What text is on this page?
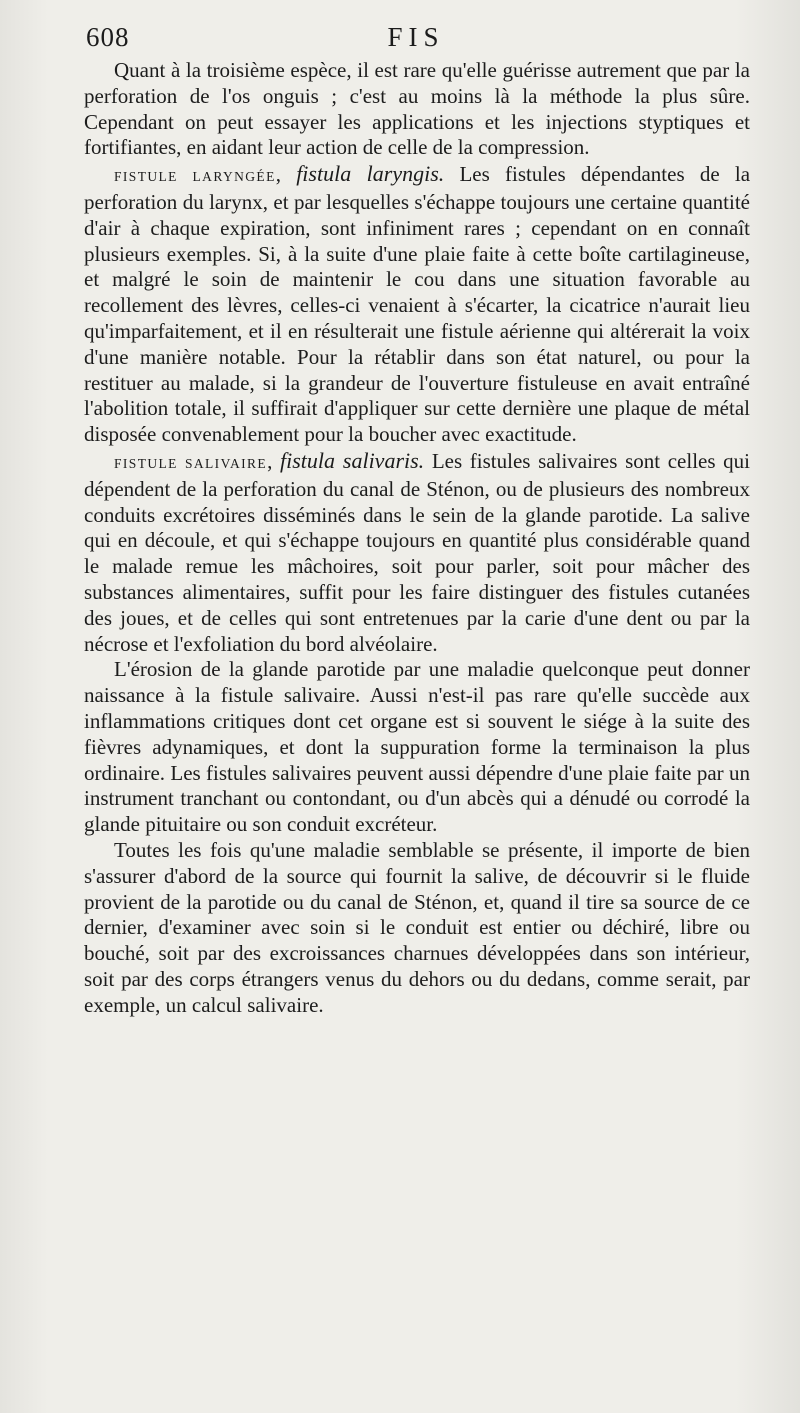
608	FIS

Quant à la troisième espèce, il est rare qu'elle guérisse autrement que par la perforation de l'os onguis ; c'est au moins là la méthode la plus sûre. Cependant on peut essayer les applications et les injections styptiques et fortifiantes, en aidant leur action de celle de la compression.

FISTULE LARYNGÉE, fistula laryngis. Les fistules dépendantes de la perforation du larynx, et par lesquelles s'échappe toujours une certaine quantité d'air à chaque expiration, sont infiniment rares ; cependant on en connaît plusieurs exemples. Si, à la suite d'une plaie faite à cette boîte cartilagineuse, et malgré le soin de maintenir le cou dans une situation favorable au recollement des lèvres, celles-ci venaient à s'écarter, la cicatrice n'aurait lieu qu'imparfaitement, et il en résulterait une fistule aérienne qui altérerait la voix d'une manière notable. Pour la rétablir dans son état naturel, ou pour la restituer au malade, si la grandeur de l'ouverture fistuleuse en avait entraîné l'abolition totale, il suffirait d'appliquer sur cette dernière une plaque de métal disposée convenablement pour la boucher avec exactitude.

FISTULE SALIVAIRE, fistula salivaris. Les fistules salivaires sont celles qui dépendent de la perforation du canal de Sténon, ou de plusieurs des nombreux conduits excrétoires disséminés dans le sein de la glande parotide. La salive qui en découle, et qui s'échappe toujours en quantité plus considérable quand le malade remue les mâchoires, soit pour parler, soit pour mâcher des substances alimentaires, suffit pour les faire distinguer des fistules cutanées des joues, et de celles qui sont entretenues par la carie d'une dent ou par la nécrose et l'exfoliation du bord alvéolaire.

L'érosion de la glande parotide par une maladie quelconque peut donner naissance à la fistule salivaire. Aussi n'est-il pas rare qu'elle succède aux inflammations critiques dont cet organe est si souvent le siége à la suite des fièvres adynamiques, et dont la suppuration forme la terminaison la plus ordinaire. Les fistules salivaires peuvent aussi dépendre d'une plaie faite par un instrument tranchant ou contondant, ou d'un abcès qui a dénudé ou corrodé la glande pituitaire ou son conduit excréteur.

Toutes les fois qu'une maladie semblable se présente, il importe de bien s'assurer d'abord de la source qui fournit la salive, de découvrir si le fluide provient de la parotide ou du canal de Sténon, et, quand il tire sa source de ce dernier, d'examiner avec soin si le conduit est entier ou déchiré, libre ou bouché, soit par des excroissances charnues développées dans son intérieur, soit par des corps étrangers venus du dehors ou du dedans, comme serait, par exemple, un calcul salivaire.
